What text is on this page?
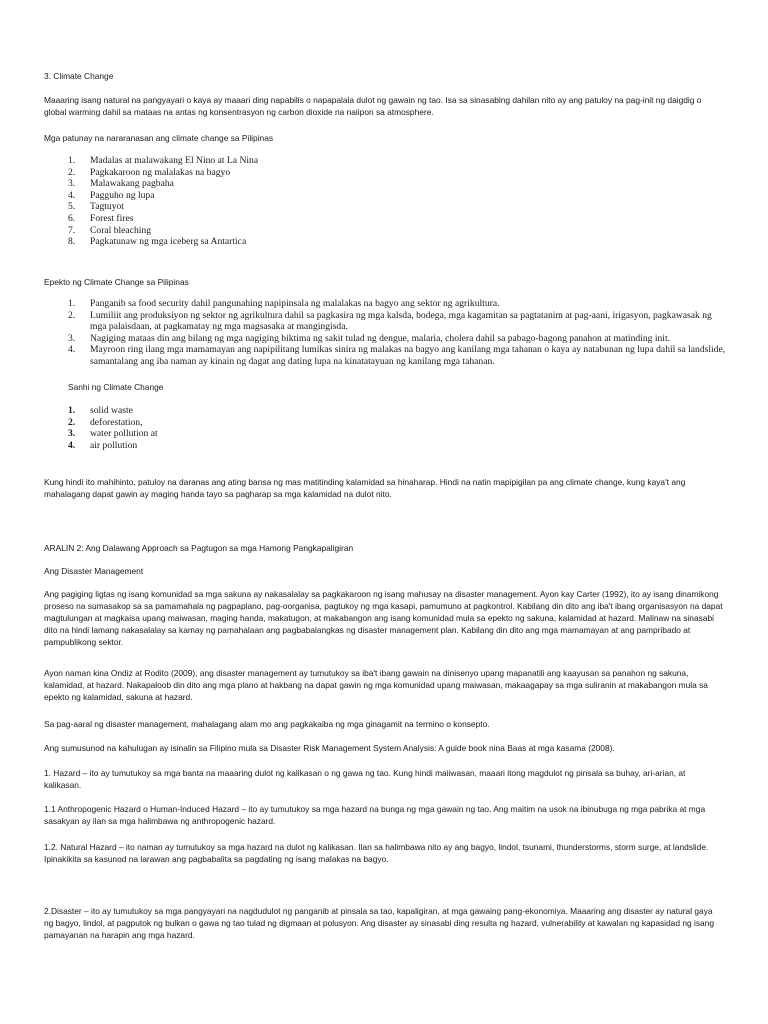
3. Climate Change

Maaaring isang natural na pangyayari o kaya ay maaari ding napabilis o napapalala dulot ng gawain ng tao. Isa sa sinasabing dahilan nito ay ang patuloy na pag-init ng daigdig o global warming dahil sa mataas na antas ng konsentrasyon ng carbon dioxide na naiipon sa atmosphere.

Mga patunay na nararanasan ang climate change sa Pilipinas

1.	Madalas at malawakang El Nino at La Nina
2.	Pagkakaroon ng malalakas na bagyo
3.	Malawakang pagbaha
4.	Pagguho ng lupa
5.	Tagtuyot
6.	Forest fires
7.	Coral bleaching
8.	Pagkatunaw ng mga iceberg sa Antartica

Epekto ng Climate Change sa Pilipinas

1.	Panganib sa food security dahil pangunahing napipinsala ng malalakas na bagyo ang sektor ng agrikultura.
2.	Lumiliit ang produksiyon ng sektor ng agrikultura dahil sa pagkasira ng mga kalsda, bodega, mga kagamitan sa pagtatanim at pag-aani, irigasyon, pagkawasak ng mga palaisdaan, at pagkamatay ng mga magsasaka at mangingisda.
3.	Nagiging mataas din ang bilang ng mga nagiging biktima ng sakit tulad ng dengue, malaria, cholera dahil sa pabago-bagong panahon at matinding init.
4.	Mayroon ring ilang mga mamamayan ang napipilitang lumikas sinira ng malakas na bagyo ang kanilang mga tahanan o kaya ay natabunan ng lupa dahil sa landslide, samantalang ang iba naman ay kinain ng dagat ang dating lupa na kinatatayuan ng kanilang mga tahanan.

Sanhi ng Climate Change

1.	solid waste
2.	deforestation,
3.	water pollution at
4.	air pollution

Kung hindi ito mahihinto, patuloy na daranas ang ating bansa ng mas matitinding kalamidad sa hinaharap. Hindi na natin mapipigilan pa ang climate change, kung kaya't ang mahalagang dapat gawin ay maging handa tayo sa pagharap sa mga kalamidad na dulot nito.

ARALIN 2: Ang Dalawang Approach sa Pagtugon sa mga Hamong Pangkapaligiran

Ang Disaster Management

Ang pagiging ligtas ng isang komunidad sa mga sakuna ay nakasalalay sa pagkakaroon ng isang mahusay na disaster management. Ayon kay Carter (1992), ito ay isang dinamikong proseso na sumasakop sa sa pamamahala ng pagpaplano, pag-oorganisa, pagtukoy ng mga kasapi, pamumuno at pagkontrol. Kabilang din dito ang iba't ibang organisasyon na dapat magtulungan at magkaisa upang maiwasan, maging handa, makatugon, at makabangon ang isang komunidad mula sa epekto ng sakuna, kalamidad at hazard. Malinaw na sinasabi dito na hindi lamang nakasalalay sa kamay ng pamahalaan ang pagbabalangkas ng disaster management plan. Kabilang din dito ang mga mamamayan at ang pampribado at pampublikong sektor.

Ayon naman kina Ondiz at Rodito (2009), ang disaster management ay tumutukoy sa iba't ibang gawain na dinisenyo upang mapanatili ang kaayusan sa panahon ng sakuna, kalamidad, at hazard. Nakapaloob din dito ang mga plano at hakbang na dapat gawin ng mga komunidad upang maiwasan, makaagapay sa mga suliranin at makabangon mula sa epekto ng kalamidad, sakuna at hazard.

Sa pag-aaral ng disaster management, mahalagang alam mo ang pagkakaiba ng mga ginagamit na termino o konsepto.

Ang sumusunod na kahulugan ay isinalin sa Filipino mula sa Disaster Risk Management System Analysis: A guide book nina Baas at mga kasama (2008).

1. Hazard – ito ay tumutukoy sa mga banta na maaaring dulot ng kalikasan o ng gawa ng tao. Kung hindi maiiwasan, maaari itong magdulot ng pinsala sa buhay, ari-arian, at kalikasan.

1.1 Anthropogenic Hazard o Human-Induced Hazard – ito ay tumutukoy sa mga hazard na bunga ng mga gawain ng tao. Ang maitim na usok na ibinubuga ng mga pabrika at mga sasakyan ay ilan sa mga halimbawa ng anthropogenic hazard.

1.2. Natural Hazard – ito naman ay tumutukoy sa mga hazard na dulot ng kalikasan. Ilan sa halimbawa nito ay ang bagyo, lindol, tsunami, thunderstorms, storm surge, at landslide. Ipinakikita sa kasunod na larawan ang pagbabalita sa pagdating ng isang malakas na bagyo.

2.Disaster – ito ay tumutukoy sa mga pangyayari na nagdudulot ng panganib at pinsala sa tao, kapaligiran, at mga gawaing pang-ekonomiya. Maaaring ang disaster ay natural gaya ng bagyo, lindol, at pagputok ng bulkan o gawa ng tao tulad ng digmaan at polusyon. Ang disaster ay sinasabi ding resulta ng hazard, vulnerability at kawalan ng kapasidad ng isang pamayanan na harapin ang mga hazard.
